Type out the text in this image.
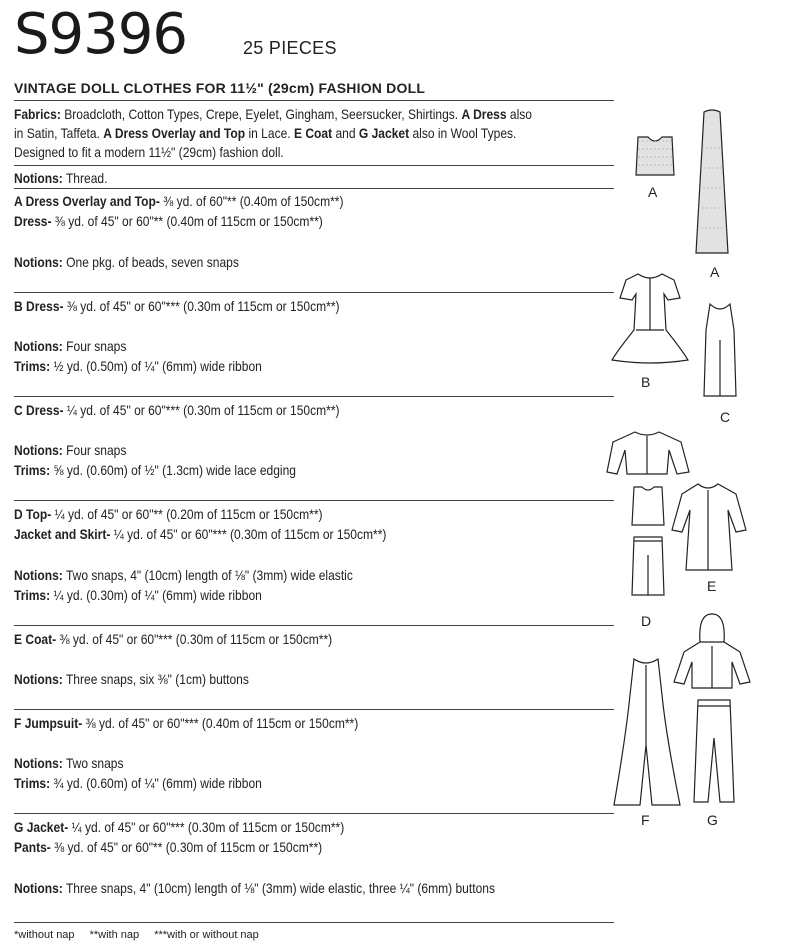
S9396	25 PIECES
VINTAGE DOLL CLOTHES FOR 11½" (29cm) FASHION DOLL
Fabrics: Broadcloth, Cotton Types, Crepe, Eyelet, Gingham, Seersucker, Shirtings. A Dress also
in Satin, Taffeta. A Dress Overlay and Top in Lace. E Coat and G Jacket also in Wool Types.
Designed to fit a modern 11½" (29cm) fashion doll.
Notions: Thread.
A Dress Overlay and Top- ⅜ yd. of 60"** (0.40m of 150cm**)
Dress- ⅜ yd. of 45" or 60"** (0.40m of 115cm or 150cm**)
Notions: One pkg. of beads, seven snaps
B Dress- ⅜ yd. of 45" or 60"*** (0.30m of 115cm or 150cm**)
Notions: Four snaps
Trims: ½ yd. (0.50m) of ¼" (6mm) wide ribbon
C Dress- ¼ yd. of 45" or 60"*** (0.30m of 115cm or 150cm**)
Notions: Four snaps
Trims: ⅝ yd. (0.60m) of ½" (1.3cm) wide lace edging
D Top- ¼ yd. of 45" or 60"** (0.20m of 115cm or 150cm**)
Jacket and Skirt- ¼ yd. of 45" or 60"*** (0.30m of 115cm or 150cm**)
Notions: Two snaps, 4" (10cm) length of ⅛" (3mm) wide elastic
Trims: ¼ yd. (0.30m) of ¼" (6mm) wide ribbon
E Coat- ⅜ yd. of 45" or 60"*** (0.30m of 115cm or 150cm**)
Notions: Three snaps, six ⅜" (1cm) buttons
F Jumpsuit- ⅜ yd. of 45" or 60"*** (0.40m of 115cm or 150cm**)
Notions: Two snaps
Trims: ¾ yd. (0.60m) of ¼" (6mm) wide ribbon
G Jacket- ¼ yd. of 45" or 60"*** (0.30m of 115cm or 150cm**)
Pants- ⅜ yd. of 45" or 60"** (0.30m of 115cm or 150cm**)
Notions: Three snaps, 4" (10cm) length of ⅛" (3mm) wide elastic, three ¼" (6mm) buttons
*without nap **with nap ***with or without nap
A
A
B
C
D
E
F	G
